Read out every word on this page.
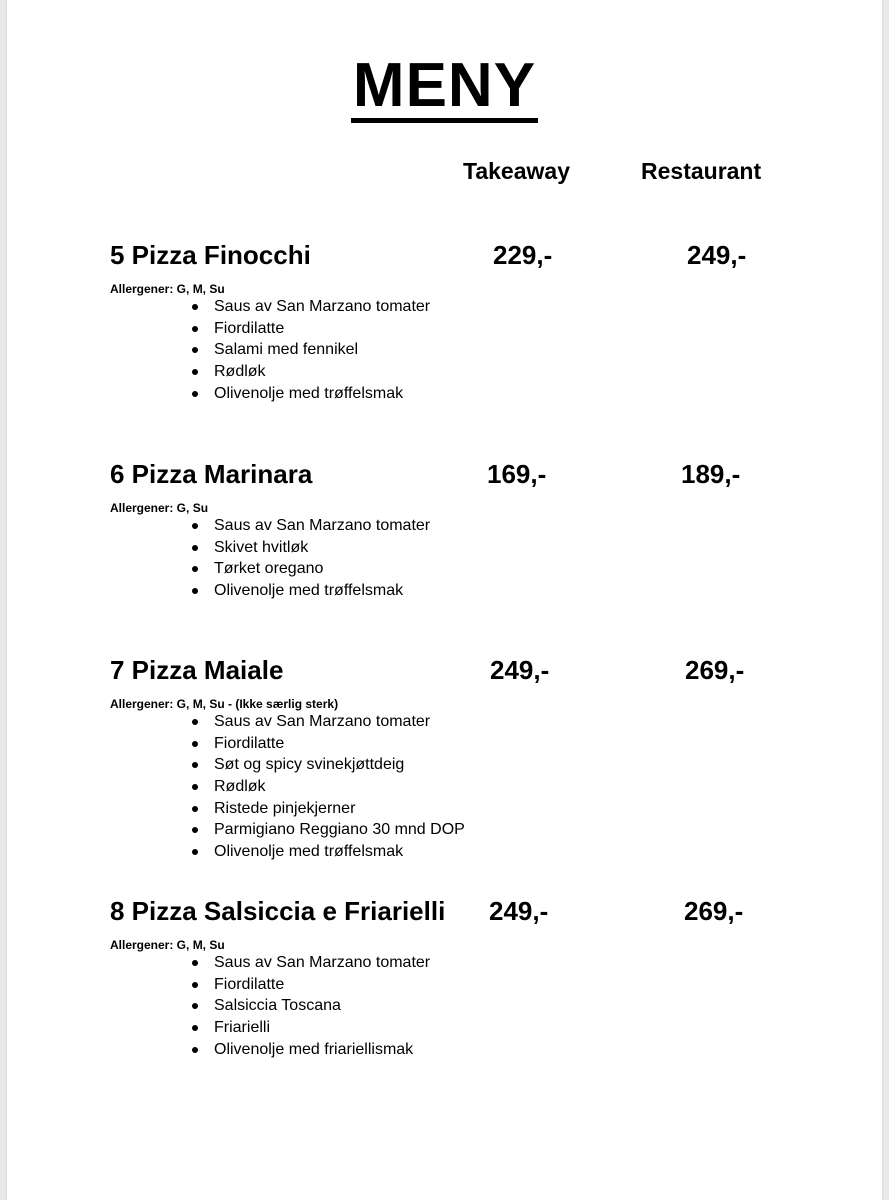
MENY
Takeaway	Restaurant
5 Pizza Finocchi	229,-	249,-
Allergener: G, M, Su
Saus av San Marzano tomater
Fiordilatte
Salami med fennikel
Rødløk
Olivenolje med trøffelsmak
6 Pizza Marinara	169,-	189,-
Allergener: G, Su
Saus av San Marzano tomater
Skivet hvitløk
Tørket oregano
Olivenolje med trøffelsmak
7 Pizza Maiale	249,-	269,-
Allergener: G, M, Su - (Ikke særlig sterk)
Saus av San Marzano tomater
Fiordilatte
Søt og spicy svinekjøttdeig
Rødløk
Ristede pinjekjerner
Parmigiano Reggiano 30 mnd DOP
Olivenolje med trøffelsmak
8 Pizza Salsiccia e Friarielli 249,-	269,-
Allergener: G, M, Su
Saus av San Marzano tomater
Fiordilatte
Salsiccia Toscana
Friarielli
Olivenolje med friariellismak
